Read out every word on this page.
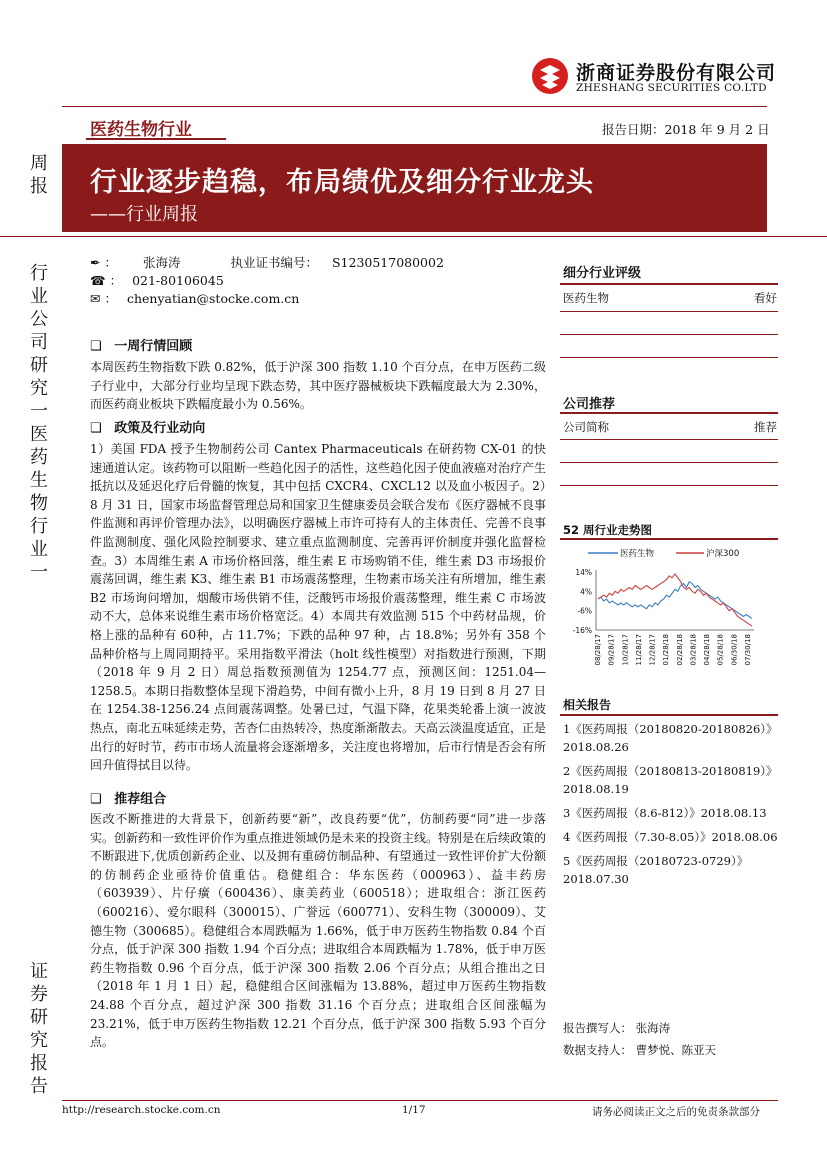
浙商证券股份有限公司
ZHESHANG SECURITIES CO.LTD
医药生物行业	报告日期：2018 年 9 月 2 日
周
报 行业逐步趋稳，布局绩优及细分行业龙头
——行业周报
行
业
公
司
研
究
一
医
药
生
物
行
业
一
证
券
研
究
报
告
✒ ： 张海涛	执业证书编号： S1230517080002
☎ ： 021-80106045
✉ ： chenyatian@stocke.com.cn
❑ 一周行情回顾
本周医药生物指数下跌 0.82%，低于沪深 300 指数 1.10 个百分点，在申万医药二级子行业中，大部分行业均呈现下跌态势，其中医疗器械板块下跌幅度最大为 2.30%，而医药商业板块下跌幅度最小为 0.56%。
❑ 政策及行业动向
1）美国 FDA 授予生物制药公司 Cantex Pharmaceuticals 在研药物 CX-01 的快速通道认定。该药物可以阻断一些趋化因子的活性，这些趋化因子使血液癌对治疗产生抵抗以及延迟化疗后骨髓的恢复，其中包括 CXCR4、CXCL12 以及血小板因子。2）8 月 31 日，国家市场监督管理总局和国家卫生健康委员会联合发布《医疗器械不良事件监测和再评价管理办法》，以明确医疗器械上市许可持有人的主体责任、完善不良事件监测制度、强化风险控制要求、建立重点监测制度、完善再评价制度并强化监督检查。3）本周维生素 A 市场价格回落，维生素 E 市场购销不佳，维生素 D3 市场报价震荡回调，维生素 K3、维生素 B1 市场震荡整理，生物素市场关注有所增加，维生素 B2 市场询问增加，烟酸市场供销不佳，泛酸钙市场报价震荡整理，维生素 C 市场波动不大，总体来说维生素市场价格宽泛。4）本周共有效监测 515 个中药材品规，价格上涨的品种有 60种，占 11.7%；下跌的品种 97 种，占 18.8%；另外有 358 个品种价格与上周同期持平。采用指数平滑法（holt 线性模型）对指数进行预测，下期（2018 年 9 月 2 日）周总指数预测值为 1254.77 点，预测区间：1251.04—1258.5。本期日指数整体呈现下滑趋势，中间有微小上升，8 月 19 日到 8 月 27 日在 1254.38-1256.24 点间震荡调整。处暑已过，气温下降，花果类轮番上演一波波热点，南北五味延续走势，苦杏仁由热转冷，热度渐渐散去。天高云淡温度适宜，正是出行的好时节，药市市场人流量将会逐渐增多，关注度也将增加，后市行情是否会有所回升值得拭目以待。
❑ 推荐组合
医改不断推进的大背景下，创新药要“新”，改良药要“优”，仿制药要“同”进一步落实。创新药和一致性评价作为重点推进领域仍是未来的投资主线。特别是在后续政策的不断跟进下,优质创新药企业、以及拥有重磅仿制品种、有望通过一致性评价扩大份额的仿制药企业亟待价值重估。稳健组合：华东医药（000963）、益丰药房（603939）、片仔癀（600436）、康美药业（600518）；进取组合：浙江医药（600216）、爱尔眼科（300015）、广誉远（600771）、安科生物（300009）、艾德生物（300685）。稳健组合本周跌幅为 1.66%，低于申万医药生物指数 0.84 个百分点，低于沪深 300 指数 1.94 个百分点；进取组合本周跌幅为 1.78%，低于申万医药生物指数 0.96 个百分点，低于沪深 300 指数 2.06 个百分点；从组合推出之日（2018 年 1 月 1 日）起，稳健组合区间涨幅为 13.88%，超过申万医药生物指数 24.88 个百分点，超过沪深 300 指数 31.16 个百分点；进取组合区间涨幅为 23.21%，低于申万医药生物指数 12.21 个百分点，低于沪深 300 指数 5.93 个百分点。
细分行业评级
医药生物	看好
公司推荐
公司简称	推荐
52 周行业走势图
医药生物	沪深300
14%
4%
-6%
-16%
08/28/17 09/28/17 10/28/17 11/28/17 12/28/17 01/28/18 02/28/18 03/28/18 04/28/18 05/28/18 06/30/18 07/30/18
相关报告
1《医药周报（20180820-20180826）》 2018.08.26
2《医药周报（20180813-20180819）》 2018.08.19
3《医药周报（8.6-812）》2018.08.13
4《医药周报（7.30-8.05）》2018.08.06
5《医药周报（20180723-0729）》 2018.07.30
报告撰写人： 张海涛
数据支持人： 曹梦悦、陈亚天
http://research.stocke.com.cn	1/17	请务必阅读正文之后的免责条款部分
